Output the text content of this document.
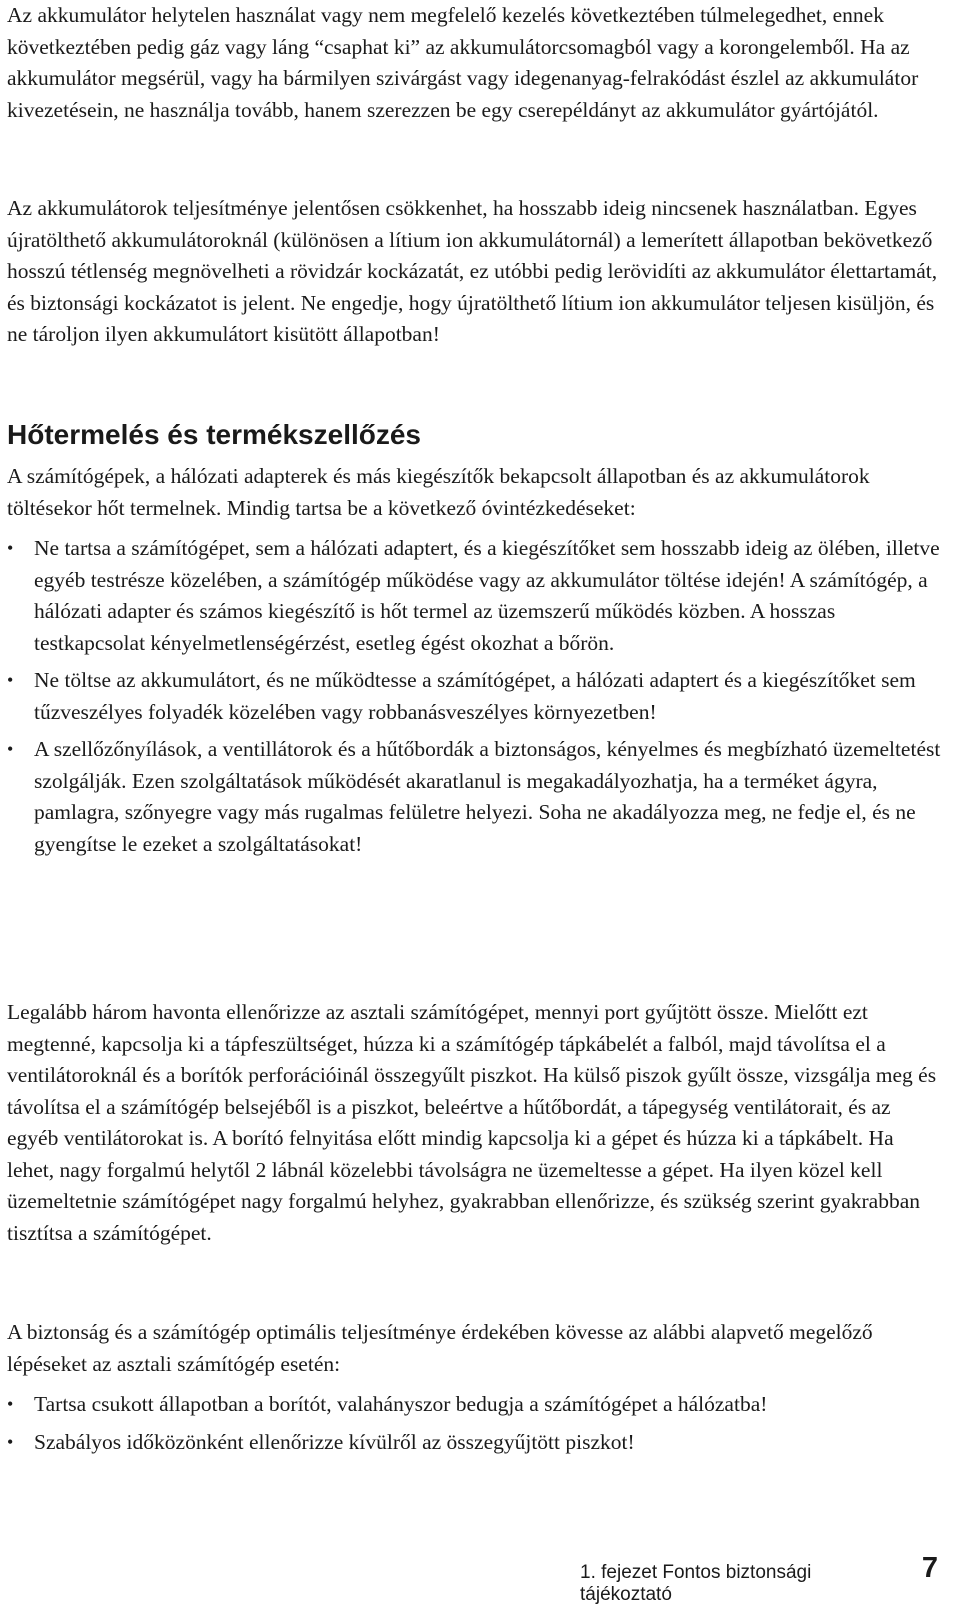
Az akkumulátor helytelen használat vagy nem megfelelő kezelés következtében túlmelegedhet, ennek következtében pedig gáz vagy láng “csaphat ki” az akkumulátorcsomagból vagy a korongelemből. Ha az akkumulátor megsérül, vagy ha bármilyen szivárgást vagy idegenanyag-felrakódást észlel az akkumulátor kivezetésein, ne használja tovább, hanem szerezzen be egy cserepéldányt az akkumulátor gyártójától.

Az akkumulátorok teljesítménye jelentősen csökkenhet, ha hosszabb ideig nincsenek használatban. Egyes újratölthető akkumulátoroknál (különösen a lítium ion akkumulátornál) a lemerített állapotban bekövetkező hosszú tétlenség megnövelheti a rövidzár kockázatát, ez utóbbi pedig lerövidíti az akkumulátor élettartamát, és biztonsági kockázatot is jelent. Ne engedje, hogy újratölthető lítium ion akkumulátor teljesen kisüljön, és ne tároljon ilyen akkumulátort kisütött állapotban!

Hőtermelés és termékszellőzés

A számítógépek, a hálózati adapterek és más kiegészítők bekapcsolt állapotban és az akkumulátorok töltésekor hőt termelnek. Mindig tartsa be a következő óvintézkedéseket:

• Ne tartsa a számítógépet, sem a hálózati adaptert, és a kiegészítőket sem hosszabb ideig az ölében, illetve egyéb testrésze közelében, a számítógép működése vagy az akkumulátor töltése idején! A számítógép, a hálózati adapter és számos kiegészítő is hőt termel az üzemszerű működés közben. A hosszas testkapcsolat kényelmetlenségérzést, esetleg égést okozhat a bőrön.
• Ne töltse az akkumulátort, és ne működtesse a számítógépet, a hálózati adaptert és a kiegészítőket sem tűzveszélyes folyadék közelében vagy robbanásveszélyes környezetben!
• A szellőzőnyílások, a ventillátorok és a hűtőbordák a biztonságos, kényelmes és megbízható üzemeltetést szolgálják. Ezen szolgáltatások működését akaratlanul is megakadályozhatja, ha a terméket ágyra, pamlagra, szőnyegre vagy más rugalmas felületre helyezi. Soha ne akadályozza meg, ne fedje el, és ne gyengítse le ezeket a szolgáltatásokat!

Legalább három havonta ellenőrizze az asztali számítógépet, mennyi port gyűjtött össze. Mielőtt ezt megtenné, kapcsolja ki a tápfeszültséget, húzza ki a számítógép tápkábelét a falból, majd távolítsa el a ventilátoroknál és a borítók perforációinál összegyűlt piszkot. Ha külső piszok gyűlt össze, vizsgálja meg és távolítsa el a számítógép belsejéből is a piszkot, beleértve a hűtőbordát, a tápegység ventilátorait, és az egyéb ventilátorokat is. A borító felnyitása előtt mindig kapcsolja ki a gépet és húzza ki a tápkábelt. Ha lehet, nagy forgalmú helytől 2 lábnál közelebbi távolságra ne üzemeltesse a gépet. Ha ilyen közel kell üzemeltetnie számítógépet nagy forgalmú helyhez, gyakrabban ellenőrizze, és szükség szerint gyakrabban tisztítsa a számítógépet.

A biztonság és a számítógép optimális teljesítménye érdekében kövesse az alábbi alapvető megelőző lépéseket az asztali számítógép esetén:

• Tartsa csukott állapotban a borítót, valahányszor bedugja a számítógépet a hálózatba!
• Szabályos időközönként ellenőrizze kívülről az összegyűjtött piszkot!
1. fejezet Fontos biztonsági tájékoztató
7
